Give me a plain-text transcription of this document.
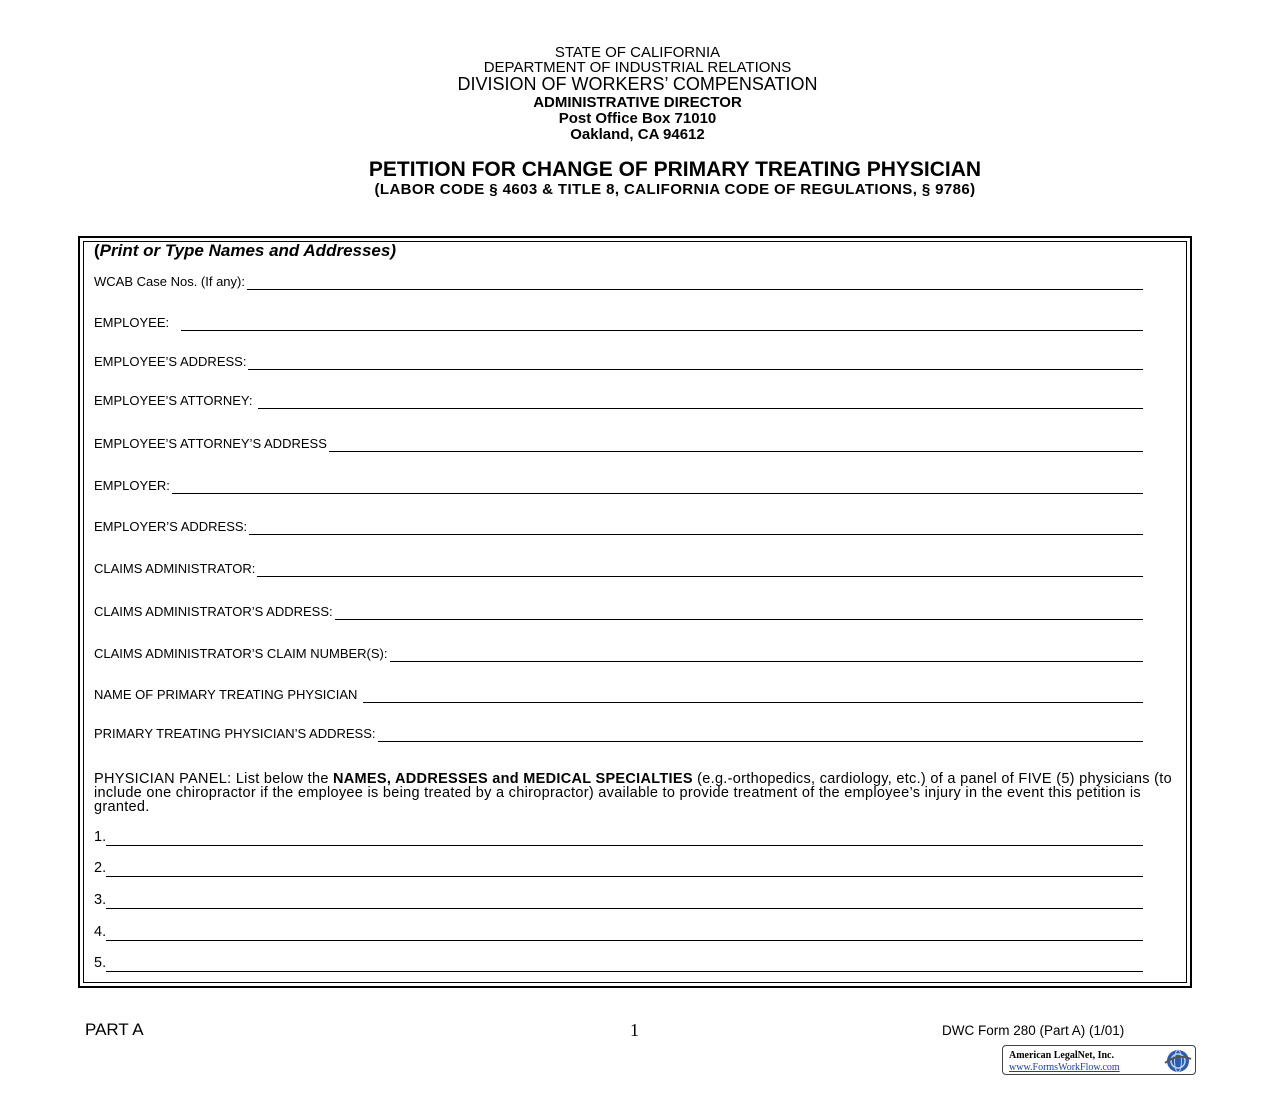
STATE OF CALIFORNIA
DEPARTMENT OF INDUSTRIAL RELATIONS
DIVISION OF WORKERS’ COMPENSATION
ADMINISTRATIVE DIRECTOR
Post Office Box 71010
Oakland, CA 94612
PETITION FOR CHANGE OF PRIMARY TREATING PHYSICIAN
(LABOR CODE § 4603 & TITLE 8, CALIFORNIA CODE OF REGULATIONS, § 9786)
(Print or Type Names and Addresses)
WCAB Case Nos. (If any):
EMPLOYEE:
EMPLOYEE’S ADDRESS:
EMPLOYEE’S ATTORNEY:
EMPLOYEE’S ATTORNEY’S ADDRESS
EMPLOYER:
EMPLOYER’S ADDRESS:
CLAIMS ADMINISTRATOR:
CLAIMS ADMINISTRATOR’S ADDRESS:
CLAIMS ADMINISTRATOR’S CLAIM NUMBER(S):
NAME OF PRIMARY TREATING PHYSICIAN
PRIMARY TREATING PHYSICIAN’S ADDRESS:
PHYSICIAN PANEL: List below the NAMES, ADDRESSES and MEDICAL SPECIALTIES (e.g.-orthopedics, cardiology, etc.) of a panel of FIVE (5) physicians (to include one chiropractor if the employee is being treated by a chiropractor) available to provide treatment of the employee’s injury in the event this petition is granted.
1.
2.
3.
4.
5.
PART A	1	DWC Form 280 (Part A) (1/01)
American LegalNet, Inc.
www.FormsWorkFlow.com
